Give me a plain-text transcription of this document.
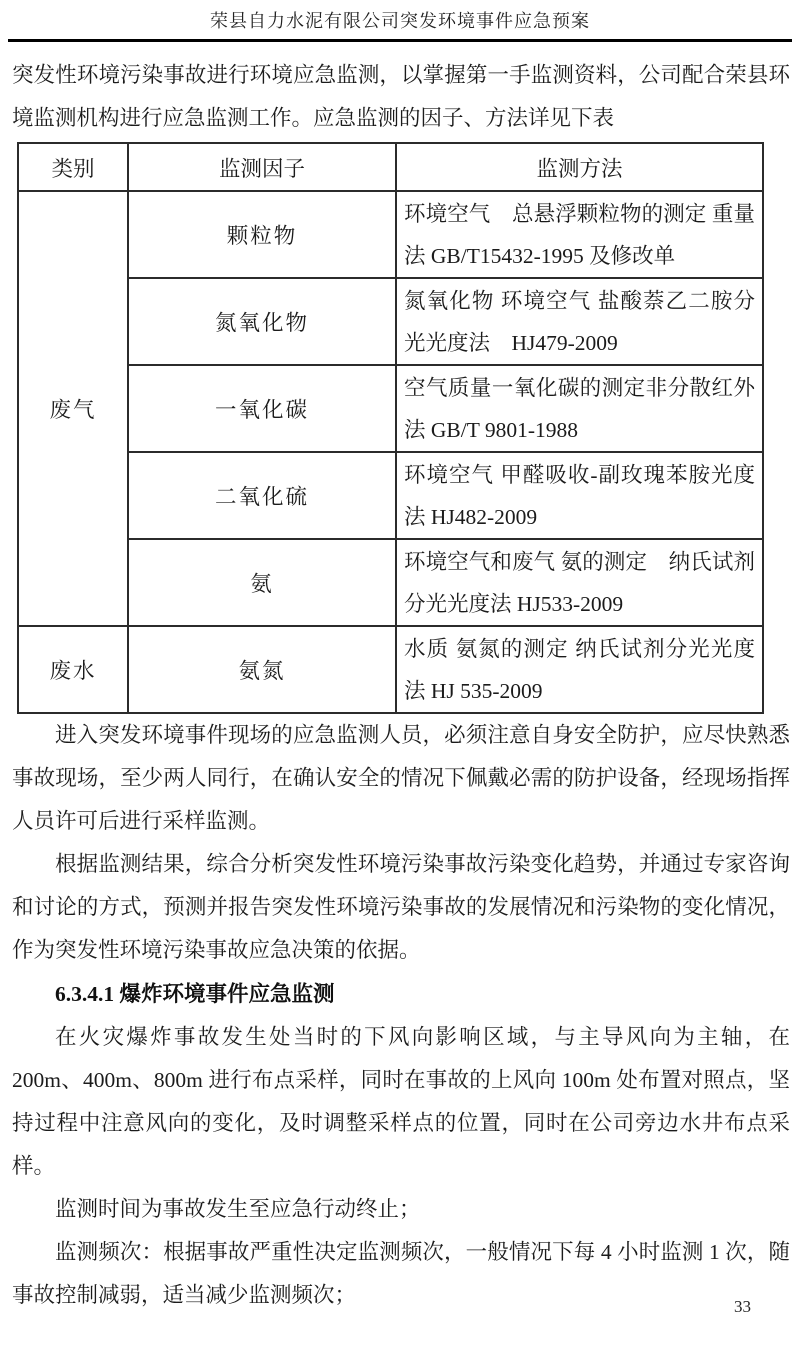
荣县自力水泥有限公司突发环境事件应急预案

突发性环境污染事故进行环境应急监测，以掌握第一手监测资料，公司配合荣县环境监测机构进行应急监测工作。应急监测的因子、方法详见下表

类别	监测因子	监测方法
废气	颗粒物	环境空气　总悬浮颗粒物的测定 重量法 GB/T15432-1995 及修改单
	氮氧化物	氮氧化物 环境空气 盐酸萘乙二胺分光光度法　HJ479-2009
	一氧化碳	空气质量一氧化碳的测定非分散红外法 GB/T 9801-1988
	二氧化硫	环境空气 甲醛吸收-副玫瑰苯胺光度法 HJ482-2009
	氨	环境空气和废气 氨的测定　纳氏试剂分光光度法 HJ533-2009
废水	氨氮	水质 氨氮的测定 纳氏试剂分光光度法 HJ 535-2009

进入突发环境事件现场的应急监测人员，必须注意自身安全防护，应尽快熟悉事故现场，至少两人同行，在确认安全的情况下佩戴必需的防护设备，经现场指挥人员许可后进行采样监测。

根据监测结果，综合分析突发性环境污染事故污染变化趋势，并通过专家咨询和讨论的方式，预测并报告突发性环境污染事故的发展情况和污染物的变化情况，作为突发性环境污染事故应急决策的依据。

6.3.4.1 爆炸环境事件应急监测

在火灾爆炸事故发生处当时的下风向影响区域，与主导风向为主轴，在 200m、400m、800m 进行布点采样，同时在事故的上风向 100m 处布置对照点，坚持过程中注意风向的变化，及时调整采样点的位置，同时在公司旁边水井布点采样。

监测时间为事故发生至应急行动终止；

监测频次：根据事故严重性决定监测频次，一般情况下每 4 小时监测 1 次，随事故控制减弱，适当减少监测频次；	33
